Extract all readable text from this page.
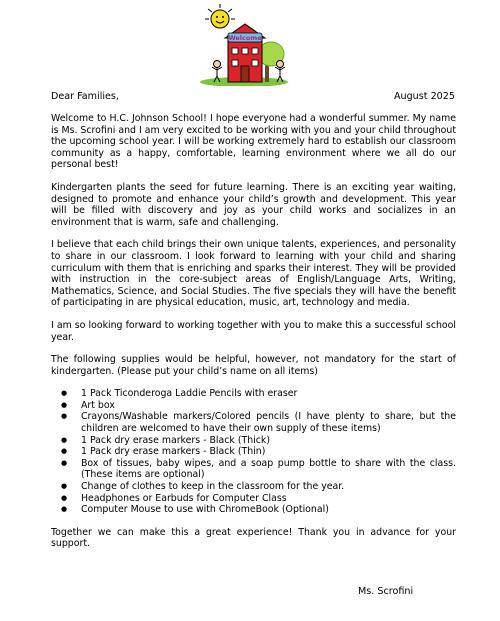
Welcome
Dear Families,	August 2025

Welcome to H.C. Johnson School! I hope everyone had a wonderful summer. My name is Ms. Scrofini and I am very excited to be working with you and your child throughout the upcoming school year. I will be working extremely hard to establish our classroom community as a happy, comfortable, learning environment where we all do our personal best!

Kindergarten plants the seed for future learning. There is an exciting year waiting, designed to promote and enhance your child’s growth and development. This year will be filled with discovery and joy as your child works and socializes in an environment that is warm, safe and challenging.

I believe that each child brings their own unique talents, experiences, and personality to share in our classroom. I look forward to learning with your child and sharing curriculum with them that is enriching and sparks their interest. They will be provided with instruction in the core-subject areas of English/Language Arts, Writing, Mathematics, Science, and Social Studies. The five specials they will have the benefit of participating in are physical education, music, art, technology and media.

I am so looking forward to working together with you to make this a successful school year.

The following supplies would be helpful, however, not mandatory for the start of kindergarten. (Please put your child’s name on all items)

● 1 Pack Ticonderoga Laddie Pencils with eraser
● Art box
● Crayons/Washable markers/Colored pencils (I have plenty to share, but the children are welcomed to have their own supply of these items)
● 1 Pack dry erase markers - Black (Thick)
● 1 Pack dry erase markers - Black (Thin)
● Box of tissues, baby wipes, and a soap pump bottle to share with the class. (These items are optional)
● Change of clothes to keep in the classroom for the year.
● Headphones or Earbuds for Computer Class
● Computer Mouse to use with ChromeBook (Optional)

Together we can make this a great experience! Thank you in advance for your support.

Ms. Scrofini
